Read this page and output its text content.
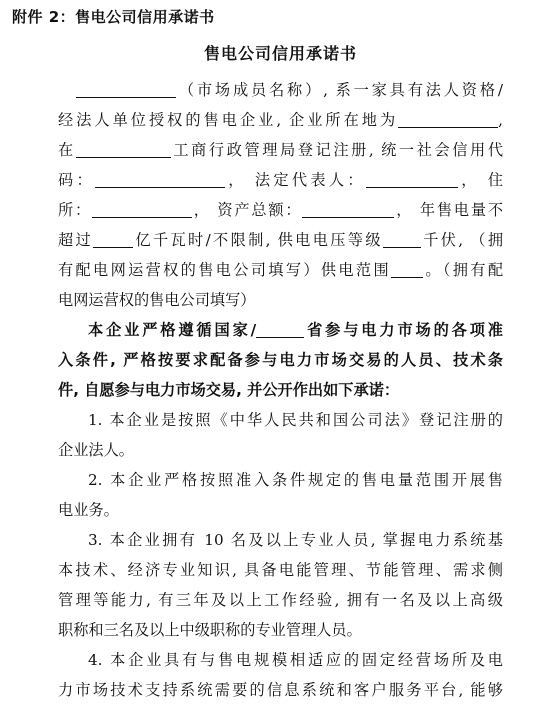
附件 2：售电公司信用承诺书
售电公司信用承诺书

（市场成员名称）, 系一家具有法人资格/

经法人单位授权的售电企业, 企业所在地为	,

在	工商行政管理局登记注册, 统一社会信用代

码：	， 法定代表人：	， 住

所：	， 资产总额：	， 年售电量不

超过	亿千瓦时/不限制, 供电电压等级	千伏, （拥

有配电网运营权的售电公司填写）供电范围 。（拥有配

电网运营权的售电公司填写）

本企业严格遵循国家/	省参与电力市场的各项准

入条件, 严格按要求配备参与电力市场交易的人员、技术条

件, 自愿参与电力市场交易, 并公开作出如下承诺：

1. 本企业是按照《中华人民共和国公司法》登记注册的

企业法人。

2. 本企业严格按照准入条件规定的售电量范围开展售

电业务。

3. 本企业拥有 10 名及以上专业人员, 掌握电力系统基

本技术、经济专业知识, 具备电能管理、节能管理、需求侧

管理等能力, 有三年及以上工作经验, 拥有一名及以上高级

职称和三名及以上中级职称的专业管理人员。

4. 本企业具有与售电规模相适应的固定经营场所及电

力市场技术支持系统需要的信息系统和客户服务平台, 能够
